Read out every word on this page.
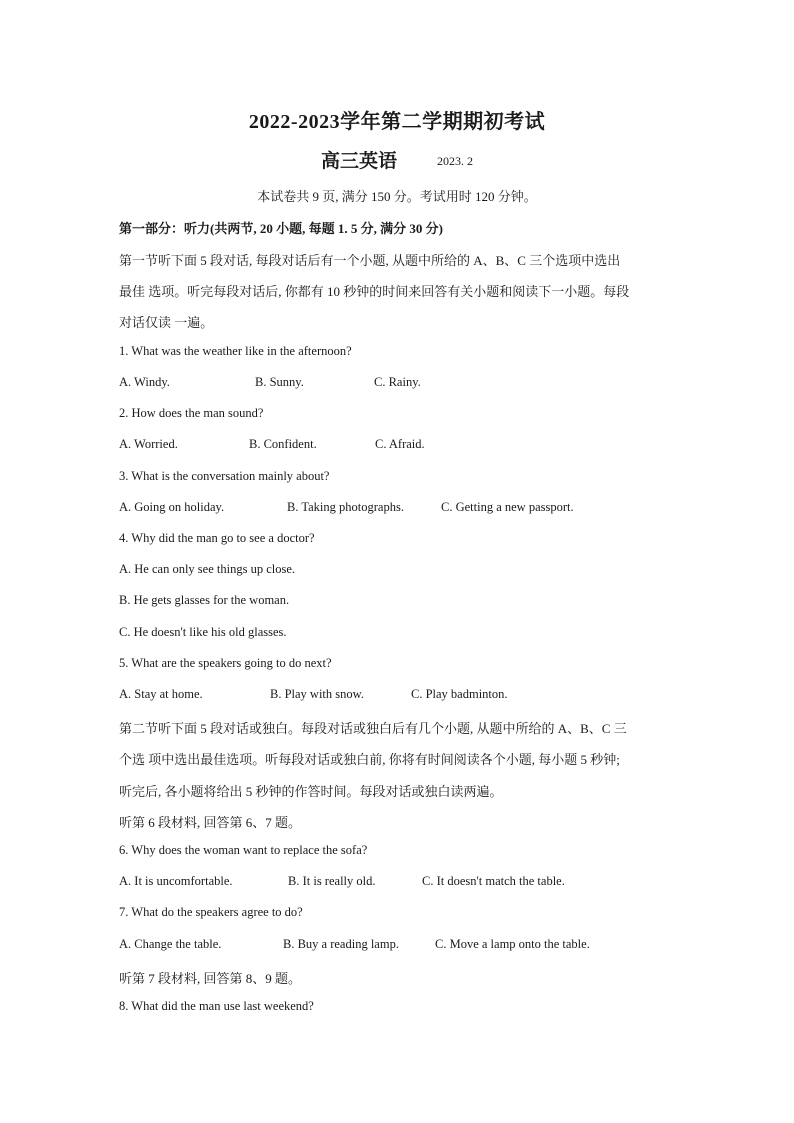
2022-2023学年第二学期期初考试
高三英语	2023. 2
本试卷共 9 页, 满分 150 分。考试用时 120 分钟。
第一部分：听力(共两节, 20 小题, 每题 1. 5 分, 满分 30 分)
第一节听下面 5 段对话, 每段对话后有一个小题, 从题中所给的 A、B、C 三个选项中选出
最佳 选项。听完每段对话后, 你都有 10 秒钟的时间来回答有关小题和阅读下一小题。每段
对话仅读 一遍。
1. What was the weather like in the afternoon?
A. Windy.	B. Sunny.	C. Rainy.
2. How does the man sound?
A. Worried.	B. Confident.	C. Afraid.
3. What is the conversation mainly about?
A. Going on holiday.	B. Taking photographs.	C. Getting a new passport.
4. Why did the man go to see a doctor?
A. He can only see things up close.
B. He gets glasses for the woman.
C. He doesn't like his old glasses.
5. What are the speakers going to do next?
A. Stay at home.	B. Play with snow.	C. Play badminton.
第二节听下面 5 段对话或独白。每段对话或独白后有几个小题, 从题中所给的 A、B、C 三
个选 项中选出最佳选项。听每段对话或独白前, 你将有时间阅读各个小题, 每小题 5 秒钟;
听完后, 各小题将给出 5 秒钟的作答时间。每段对话或独白读两遍。
听第 6 段材料, 回答第 6、7 题。
6. Why does the woman want to replace the sofa?
A. It is uncomfortable.	B. It is really old.	C. It doesn't match the table.
7. What do the speakers agree to do?
A. Change the table.	B. Buy a reading lamp.	C. Move a lamp onto the table.
听第 7 段材料, 回答第 8、9 题。
8. What did the man use last weekend?
